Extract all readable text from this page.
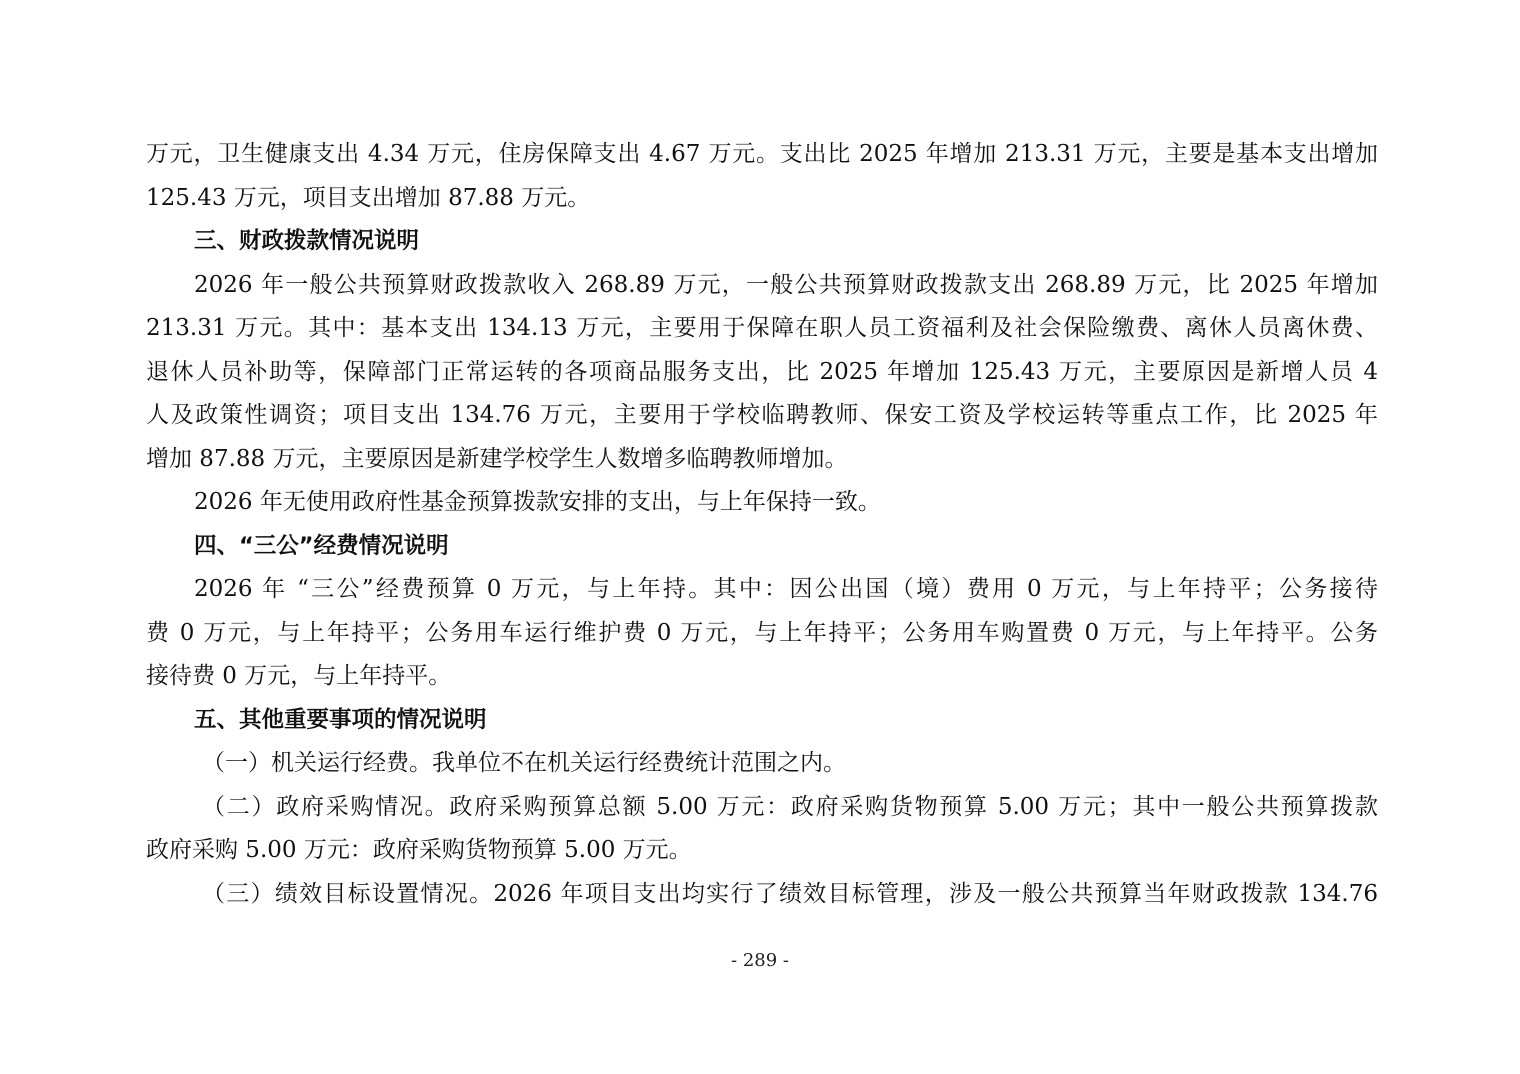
万元，卫生健康支出 4.34 万元，住房保障支出 4.67 万元。支出比 2025 年增加 213.31 万元，主要是基本支出增加
125.43 万元，项目支出增加 87.88 万元。
三、财政拨款情况说明
2026 年一般公共预算财政拨款收入 268.89 万元，一般公共预算财政拨款支出 268.89 万元，比 2025 年增加
213.31 万元。其中：基本支出 134.13 万元，主要用于保障在职人员工资福利及社会保险缴费、离休人员离休费、
退休人员补助等，保障部门正常运转的各项商品服务支出，比 2025 年增加 125.43 万元，主要原因是新增人员 4
人及政策性调资；项目支出 134.76 万元，主要用于学校临聘教师、保安工资及学校运转等重点工作，比 2025 年
增加 87.88 万元，主要原因是新建学校学生人数增多临聘教师增加。
2026 年无使用政府性基金预算拨款安排的支出，与上年保持一致。
四、“三公”经费情况说明
2026 年 “三公”经费预算 0 万元，与上年持。其中：因公出国（境）费用 0 万元，与上年持平；公务接待
费 0 万元，与上年持平；公务用车运行维护费 0 万元，与上年持平；公务用车购置费 0 万元，与上年持平。公务
接待费 0 万元，与上年持平。
五、其他重要事项的情况说明
（一）机关运行经费。我单位不在机关运行经费统计范围之内。
（二）政府采购情况。政府采购预算总额 5.00 万元：政府采购货物预算 5.00 万元；其中一般公共预算拨款
政府采购 5.00 万元：政府采购货物预算 5.00 万元。
（三）绩效目标设置情况。2026 年项目支出均实行了绩效目标管理，涉及一般公共预算当年财政拨款 134.76
- 289 -
